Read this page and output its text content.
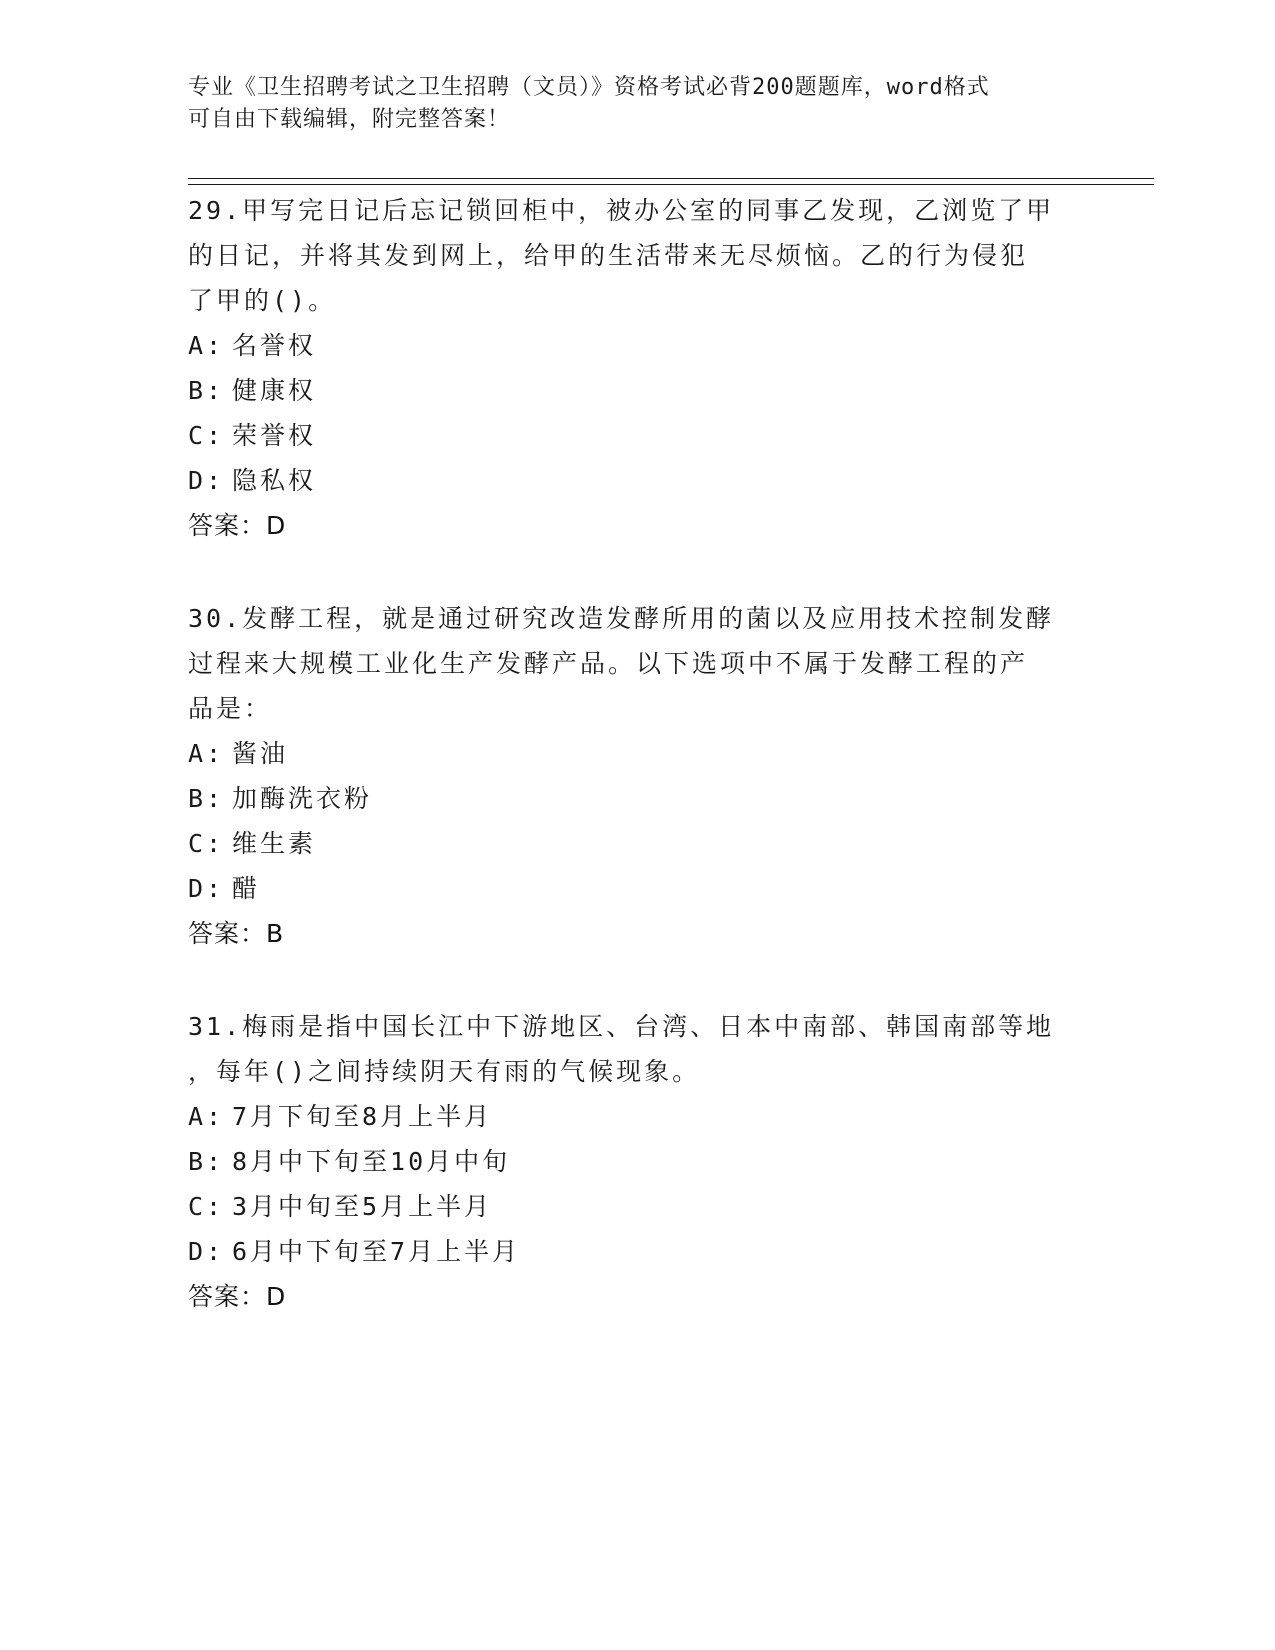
专业《卫生招聘考试之卫生招聘（文员）》资格考试必背200题题库，word格式
可自由下载编辑，附完整答案！
29.甲写完日记后忘记锁回柜中，被办公室的同事乙发现，乙浏览了甲
的日记，并将其发到网上，给甲的生活带来无尽烦恼。乙的行为侵犯
了甲的()。
A: 名誉权
B: 健康权
C: 荣誉权
D: 隐私权
答案：D
30.发酵工程，就是通过研究改造发酵所用的菌以及应用技术控制发酵
过程来大规模工业化生产发酵产品。以下选项中不属于发酵工程的产
品是：
A: 酱油
B: 加酶洗衣粉
C: 维生素
D: 醋
答案：B
31.梅雨是指中国长江中下游地区、台湾、日本中南部、韩国南部等地
，每年()之间持续阴天有雨的气候现象。
A: 7月下旬至8月上半月
B: 8月中下旬至10月中旬
C: 3月中旬至5月上半月
D: 6月中下旬至7月上半月
答案：D
